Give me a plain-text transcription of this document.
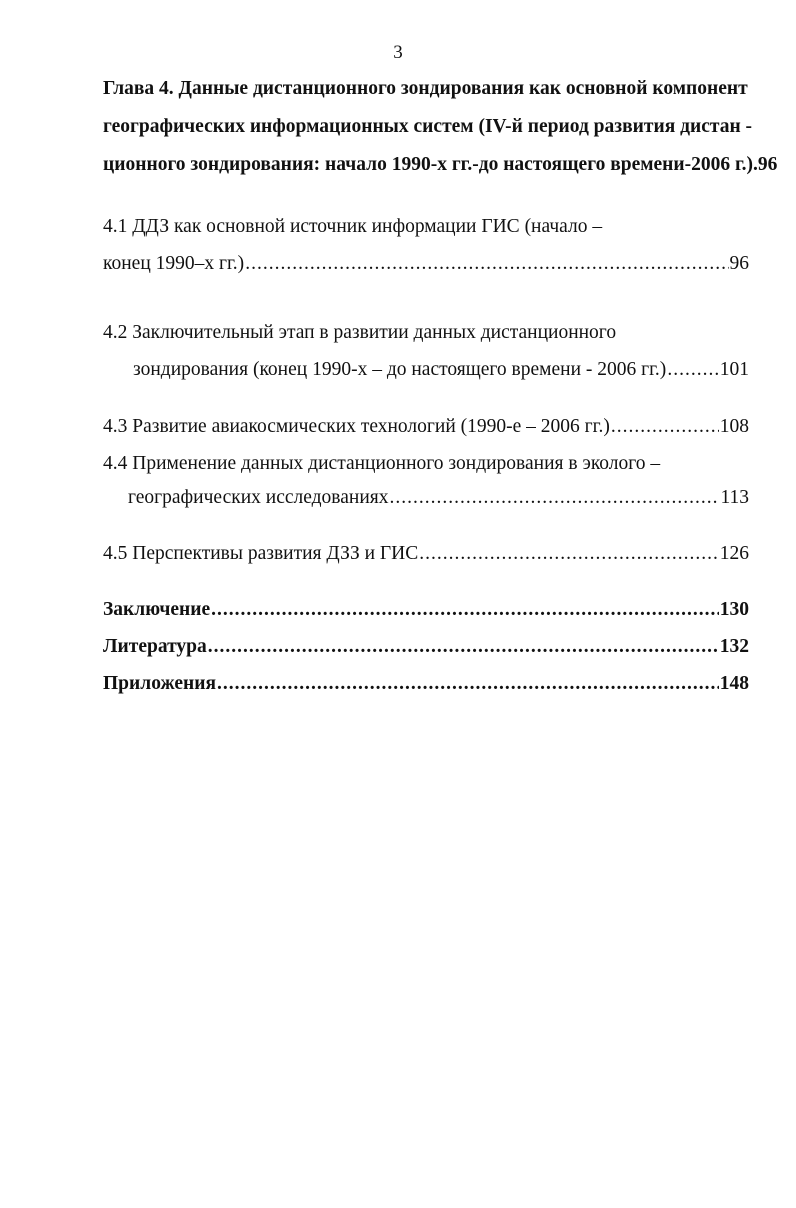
3
Глава 4. Данные дистанционного зондирования как основной компонент
географических информационных систем (IV-й период развития дистан -
ционного зондирования: начало 1990-х гг.-до настоящего времени-2006 г.).96
4.1 ДДЗ как основной источник информации ГИС (начало –
конец 1990–х гг.) .....	96
4.2 Заключительный этап в развитии данных дистанционного
зондирования (конец 1990-х – до настоящего времени - 2006 гг.) .....	101
4.3 Развитие авиакосмических технологий (1990-е – 2006 гг.) .....	108
4.4 Применение данных дистанционного зондирования в эколого –
географических исследованиях .....	113
4.5 Перспективы развития ДЗЗ и ГИС .....	126
Заключение .....	130
Литература .....	132
Приложения .....	148
